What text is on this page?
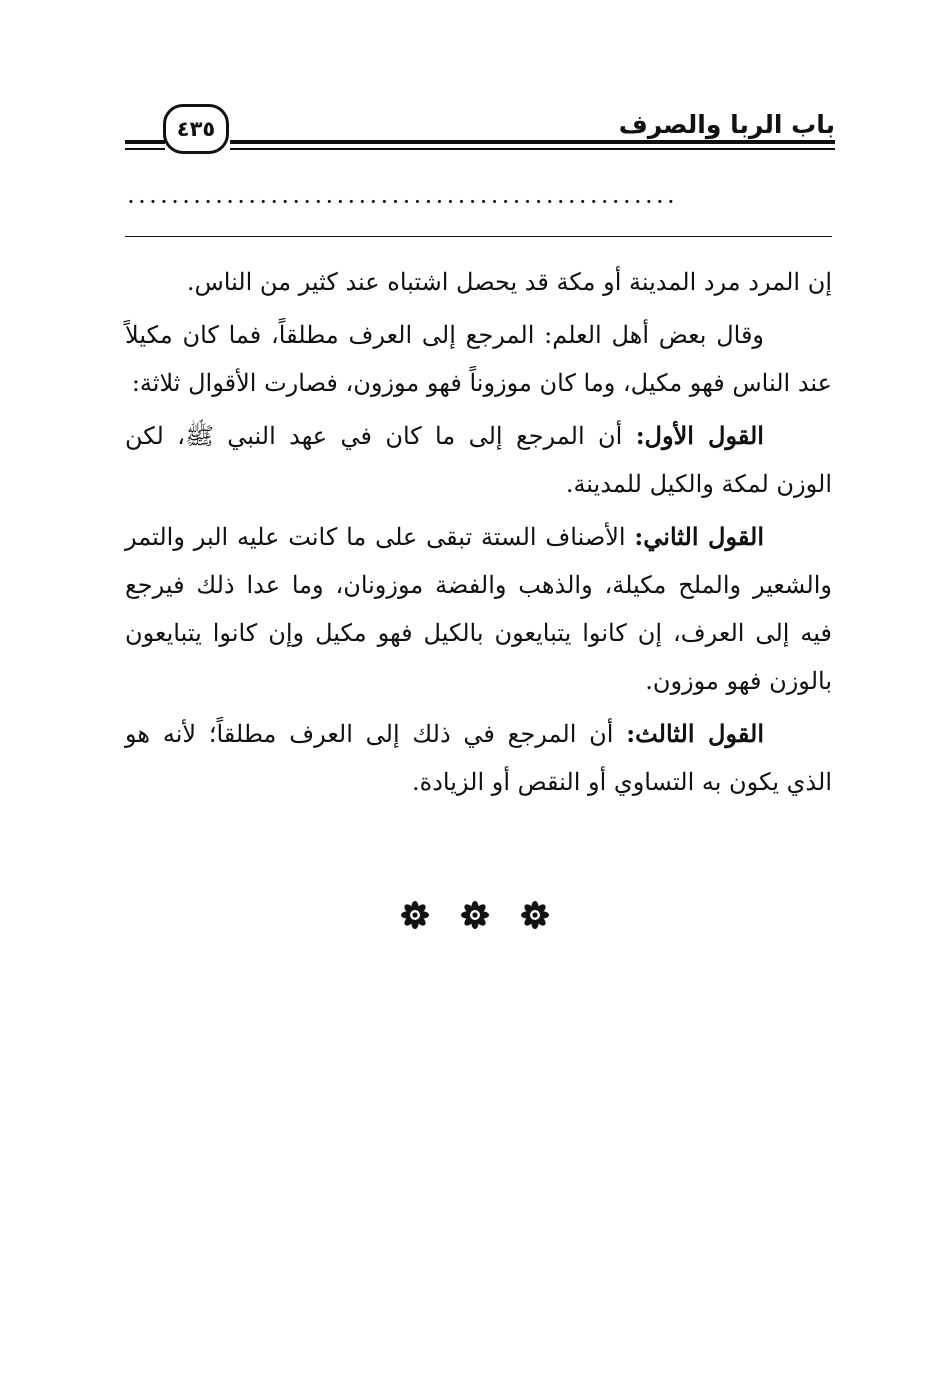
٤٣٥	باب الربا والصرف
..................................................

إن المرد مرد المدينة أو مكة قد يحصل اشتباه عند كثير من الناس.

وقال بعض أهل العلم: المرجع إلى العرف مطلقاً، فما كان مكيلاً عند الناس فهو مكيل، وما كان موزوناً فهو موزون، فصارت الأقوال ثلاثة:

القول الأول: أن المرجع إلى ما كان في عهد النبي ﷺ، لكن الوزن لمكة والكيل للمدينة.

القول الثاني: الأصناف الستة تبقى على ما كانت عليه البر والتمر والشعير والملح مكيلة، والذهب والفضة موزونان، وما عدا ذلك فيرجع فيه إلى العرف، إن كانوا يتبايعون بالكيل فهو مكيل وإن كانوا يتبايعون بالوزن فهو موزون.

القول الثالث: أن المرجع في ذلك إلى العرف مطلقاً؛ لأنه هو الذي يكون به التساوي أو النقص أو الزيادة.
